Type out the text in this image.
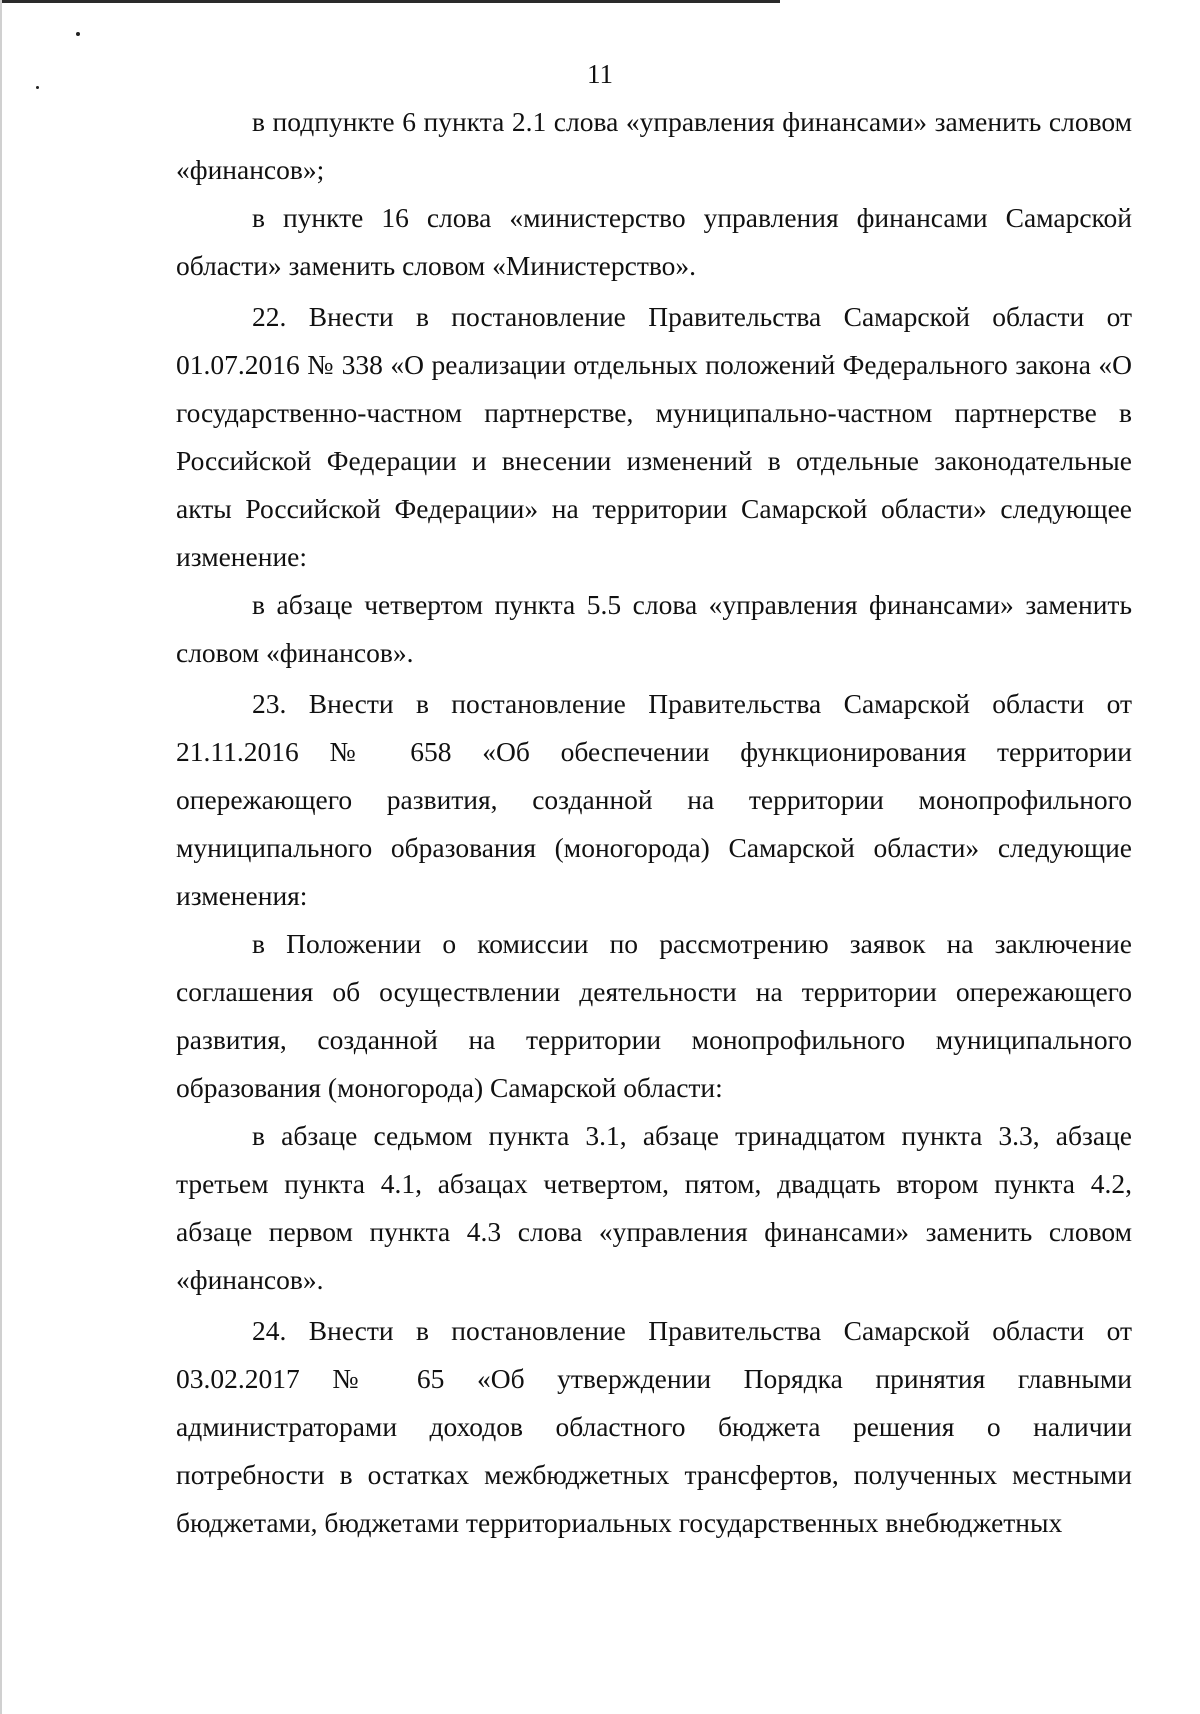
11

в подпункте 6 пункта 2.1 слова «управления финансами» заменить словом «финансов»;

в пункте 16 слова «министерство управления финансами Самарской области» заменить словом «Министерство».

22. Внести в постановление Правительства Самарской области от 01.07.2016 № 338 «О реализации отдельных положений Федерального закона «О государственно-частном партнерстве, муниципально-частном партнерстве в Российской Федерации и внесении изменений в отдельные законодательные акты Российской Федерации» на территории Самарской области» следующее изменение:

в абзаце четвертом пункта 5.5 слова «управления финансами» заменить словом «финансов».

23. Внести в постановление Правительства Самарской области от 21.11.2016 № 658 «Об обеспечении функционирования территории опережающего развития, созданной на территории монопрофильного муниципального образования (моногорода) Самарской области» следующие изменения:

в Положении о комиссии по рассмотрению заявок на заключение соглашения об осуществлении деятельности на территории опережающего развития, созданной на территории монопрофильного муниципального образования (моногорода) Самарской области:

в абзаце седьмом пункта 3.1, абзаце тринадцатом пункта 3.3, абзаце третьем пункта 4.1, абзацах четвертом, пятом, двадцать втором пункта 4.2, абзаце первом пункта 4.3 слова «управления финансами» заменить словом «финансов».

24. Внести в постановление Правительства Самарской области от 03.02.2017 № 65 «Об утверждении Порядка принятия главными администраторами доходов областного бюджета решения о наличии потребности в остатках межбюджетных трансфертов, полученных местными бюджетами, бюджетами территориальных государственных внебюджетных
